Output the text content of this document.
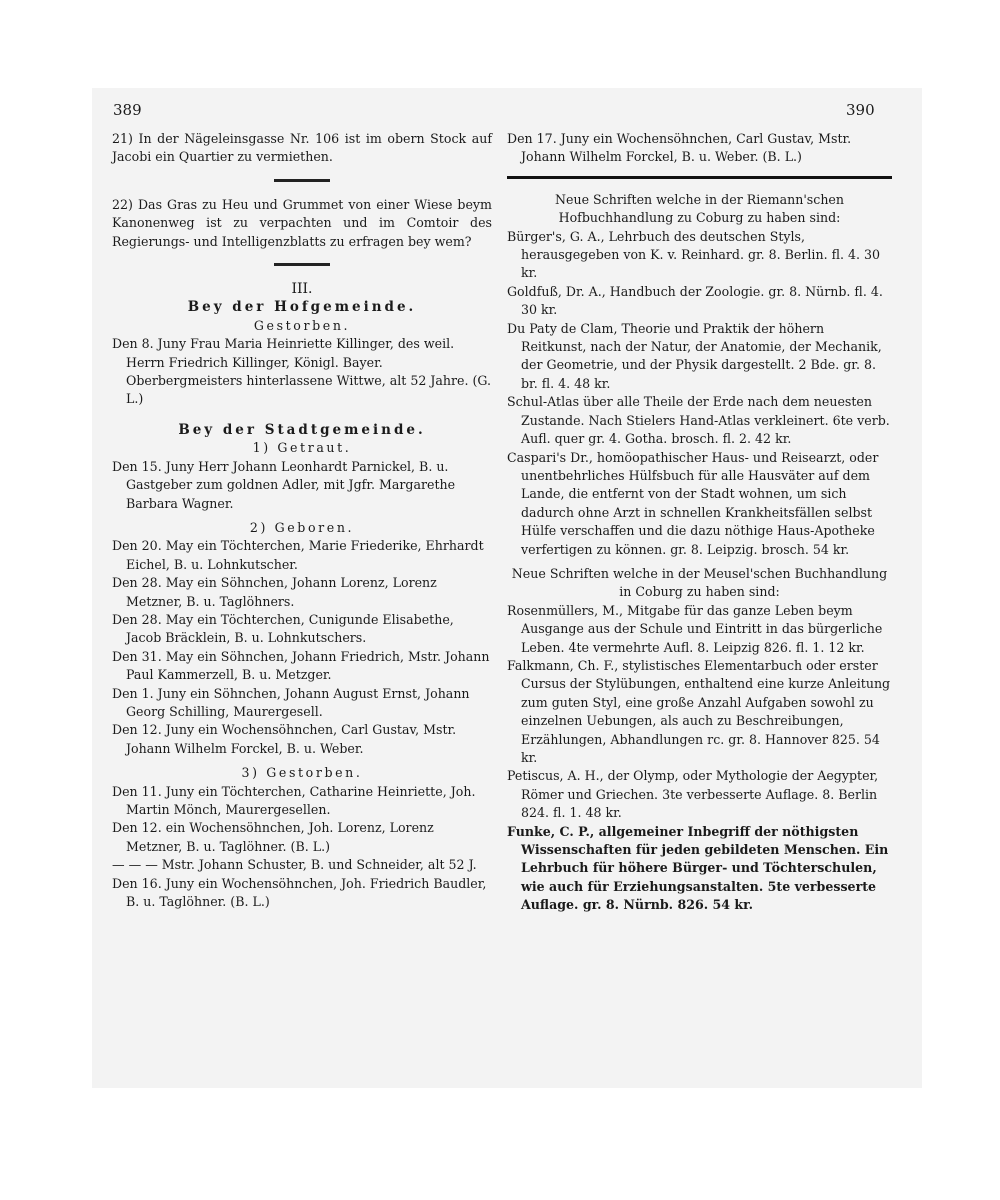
389	390

21) In der Nägeleinsgasse Nr. 106 ist im obern Stock auf Jacobi ein Quartier zu vermiethen.

22) Das Gras zu Heu und Grummet von einer Wiese beym Kanonenweg ist zu verpachten und im Comtoir des Regierungs- und Intelligenzblatts zu erfragen bey wem?

III.

Bey der Hofgemeinde.

Gestorben.

Den 8. Juny Frau Maria Heinriette Killinger, des weil. Herrn Friedrich Killinger, Königl. Bayer. Oberbergmeisters hinterlassene Wittwe, alt 52 Jahre. (G. L.)

Bey der Stadtgemeinde.

1) Getraut.

Den 15. Juny Herr Johann Leonhardt Parnickel, B. u. Gastgeber zum goldnen Adler, mit Jgfr. Margarethe Barbara Wagner.

2) Geboren.

Den 20. May ein Töchterchen, Marie Friederike, Ehrhardt Eichel, B. u. Lohnkutscher.

Den 28. May ein Söhnchen, Johann Lorenz, Lorenz Metzner, B. u. Taglöhners.

Den 28. May ein Töchterchen, Cunigunde Elisabethe, Jacob Bräcklein, B. u. Lohnkutschers.

Den 31. May ein Söhnchen, Johann Friedrich, Mstr. Johann Paul Kammerzell, B. u. Metzger.

Den 1. Juny ein Söhnchen, Johann August Ernst, Johann Georg Schilling, Maurergesell.

Den 12. Juny ein Wochensöhnchen, Carl Gustav, Mstr. Johann Wilhelm Forckel, B. u. Weber.

3) Gestorben.

Den 11. Juny ein Töchterchen, Catharine Heinriette, Joh. Martin Mönch, Maurergesellen.

Den 12. ein Wochensöhnchen, Joh. Lorenz, Lorenz Metzner, B. u. Taglöhner. (B. L.)

— — — Mstr. Johann Schuster, B. und Schneider, alt 52 J.

Den 16. Juny ein Wochensöhnchen, Joh. Friedrich Baudler, B. u. Taglöhner. (B. L.)

Den 17. Juny ein Wochensöhnchen, Carl Gustav, Mstr. Johann Wilhelm Forckel, B. u. Weber. (B. L.)

Neue Schriften welche in der Riemann'schen Hofbuchhandlung zu Coburg zu haben sind:

Bürger's, G. A., Lehrbuch des deutschen Styls, herausgegeben von K. v. Reinhard. gr. 8. Berlin. fl. 4. 30 kr.

Goldfuß, Dr. A., Handbuch der Zoologie. gr. 8. Nürnb. fl. 4. 30 kr.

Du Paty de Clam, Theorie und Praktik der höhern Reitkunst, nach der Natur, der Anatomie, der Mechanik, der Geometrie, und der Physik dargestellt. 2 Bde. gr. 8. br. fl. 4. 48 kr.

Schul-Atlas über alle Theile der Erde nach dem neuesten Zustande. Nach Stielers Hand-Atlas verkleinert. 6te verb. Aufl. quer gr. 4. Gotha. brosch. fl. 2. 42 kr.

Caspari's Dr., homöopathischer Haus- und Reisearzt, oder unentbehrliches Hülfsbuch für alle Hausväter auf dem Lande, die entfernt von der Stadt wohnen, um sich dadurch ohne Arzt in schnellen Krankheitsfällen selbst Hülfe verschaffen und die dazu nöthige Haus-Apotheke verfertigen zu können. gr. 8. Leipzig. brosch. 54 kr.

Neue Schriften welche in der Meusel'schen Buchhandlung in Coburg zu haben sind:

Rosenmüllers, M., Mitgabe für das ganze Leben beym Ausgange aus der Schule und Eintritt in das bürgerliche Leben. 4te vermehrte Aufl. 8. Leipzig 826. fl. 1. 12 kr.

Falkmann, Ch. F., stylistisches Elementarbuch oder erster Cursus der Stylübungen, enthaltend eine kurze Anleitung zum guten Styl, eine große Anzahl Aufgaben sowohl zu einzelnen Uebungen, als auch zu Beschreibungen, Erzählungen, Abhandlungen rc. gr. 8. Hannover 825. 54 kr.

Petiscus, A. H., der Olymp, oder Mythologie der Aegypter, Römer und Griechen. 3te verbesserte Auflage. 8. Berlin 824. fl. 1. 48 kr.

Funke, C. P., allgemeiner Inbegriff der nöthigsten Wissenschaften für jeden gebildeten Menschen. Ein Lehrbuch für höhere Bürger- und Töchterschulen, wie auch für Erziehungsanstalten. 5te verbesserte Auflage. gr. 8. Nürnb. 826. 54 kr.
